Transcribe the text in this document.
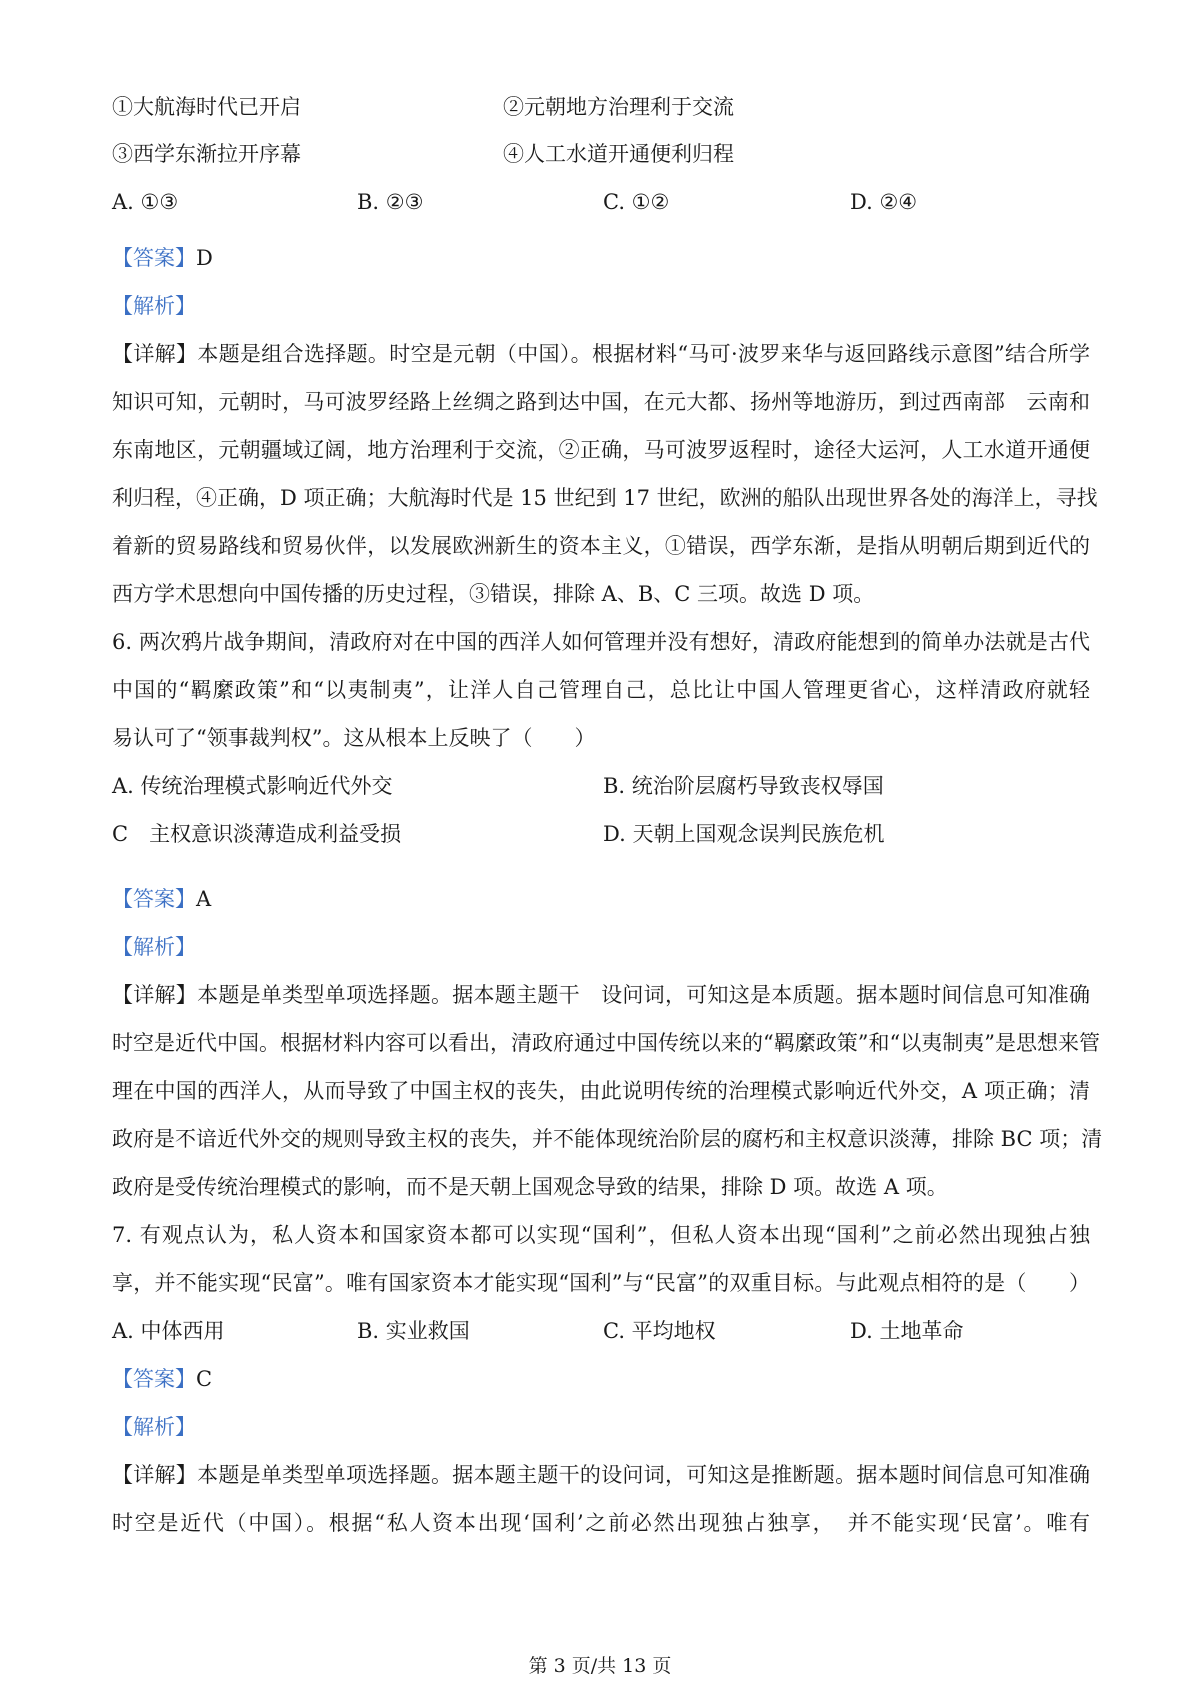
①大航海时代已开启	②元朝地方治理利于交流
③西学东渐拉开序幕	④人工水道开通便利归程
A. ①③	B. ②③	C. ①②	D. ②④
【答案】D
【解析】
【详解】本题是组合选择题。时空是元朝（中国）。根据材料“马可·波罗来华与返回路线示意图”结合所学
知识可知，元朝时，马可波罗经路上丝绸之路到达中国，在元大都、扬州等地游历，到过西南部　云南和
东南地区，元朝疆域辽阔，地方治理利于交流，②正确，马可波罗返程时，途径大运河，人工水道开通便
利归程，④正确，D 项正确；大航海时代是 15 世纪到 17 世纪，欧洲的船队出现世界各处的海洋上，寻找
着新的贸易路线和贸易伙伴，以发展欧洲新生的资本主义，①错误，西学东渐，是指从明朝后期到近代的
西方学术思想向中国传播的历史过程，③错误，排除 A、B、C 三项。故选 D 项。
6. 两次鸦片战争期间，清政府对在中国的西洋人如何管理并没有想好，清政府能想到的简单办法就是古代
中国的“羁縻政策”和“以夷制夷”，让洋人自己管理自己，总比让中国人管理更省心，这样清政府就轻
易认可了“领事裁判权”。这从根本上反映了（　　）
A. 传统治理模式影响近代外交	B. 统治阶层腐朽导致丧权辱国
C　主权意识淡薄造成利益受损	D. 天朝上国观念误判民族危机
【答案】A
【解析】
【详解】本题是单类型单项选择题。据本题主题干　设问词，可知这是本质题。据本题时间信息可知准确
时空是近代中国。根据材料内容可以看出，清政府通过中国传统以来的“羁縻政策”和“以夷制夷”是思想来管
理在中国的西洋人，从而导致了中国主权的丧失，由此说明传统的治理模式影响近代外交，A 项正确；清
政府是不谙近代外交的规则导致主权的丧失，并不能体现统治阶层的腐朽和主权意识淡薄，排除 BC 项；清
政府是受传统治理模式的影响，而不是天朝上国观念导致的结果，排除 D 项。故选 A 项。
7. 有观点认为，私人资本和国家资本都可以实现“国利”，但私人资本出现“国利”之前必然出现独占独
享，并不能实现“民富”。唯有国家资本才能实现“国利”与“民富”的双重目标。与此观点相符的是（　　）
A. 中体西用	B. 实业救国	C. 平均地权	D. 土地革命
【答案】C
【解析】
【详解】本题是单类型单项选择题。据本题主题干的设问词，可知这是推断题。据本题时间信息可知准确
时空是近代（中国）。根据“私人资本出现‘国利’之前必然出现独占独享，　并不能实现‘民富’。唯有
第 3 页/共 13 页
